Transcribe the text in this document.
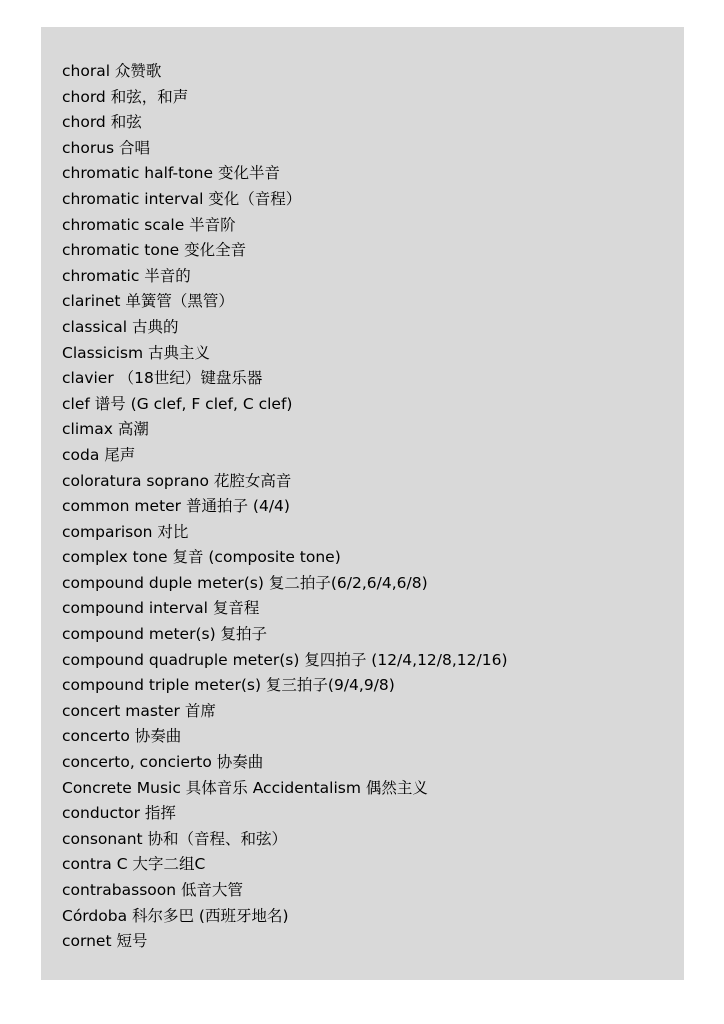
choral 众赞歌
chord 和弦，和声
chord 和弦
chorus 合唱
chromatic half-tone 变化半音
chromatic interval 变化（音程）
chromatic scale 半音阶
chromatic tone 变化全音
chromatic 半音的
clarinet 单簧管（黑管）
classical 古典的
Classicism 古典主义
clavier （18世纪）键盘乐器
clef 谱号 (G clef, F clef, C clef)
climax 高潮
coda 尾声
coloratura soprano 花腔女高音
common meter 普通拍子 (4/4)
comparison 对比
complex tone 复音 (composite tone)
compound duple meter(s) 复二拍子(6/2,6/4,6/8)
compound interval 复音程
compound meter(s) 复拍子
compound quadruple meter(s) 复四拍子 (12/4,12/8,12/16)
compound triple meter(s) 复三拍子(9/4,9/8)
concert master 首席
concerto 协奏曲
concerto, concierto 协奏曲
Concrete Music 具体音乐 Accidentalism 偶然主义
conductor 指挥
consonant 协和（音程、和弦）
contra C 大字二组C
contrabassoon 低音大管
Córdoba 科尔多巴 (西班牙地名)
cornet 短号
